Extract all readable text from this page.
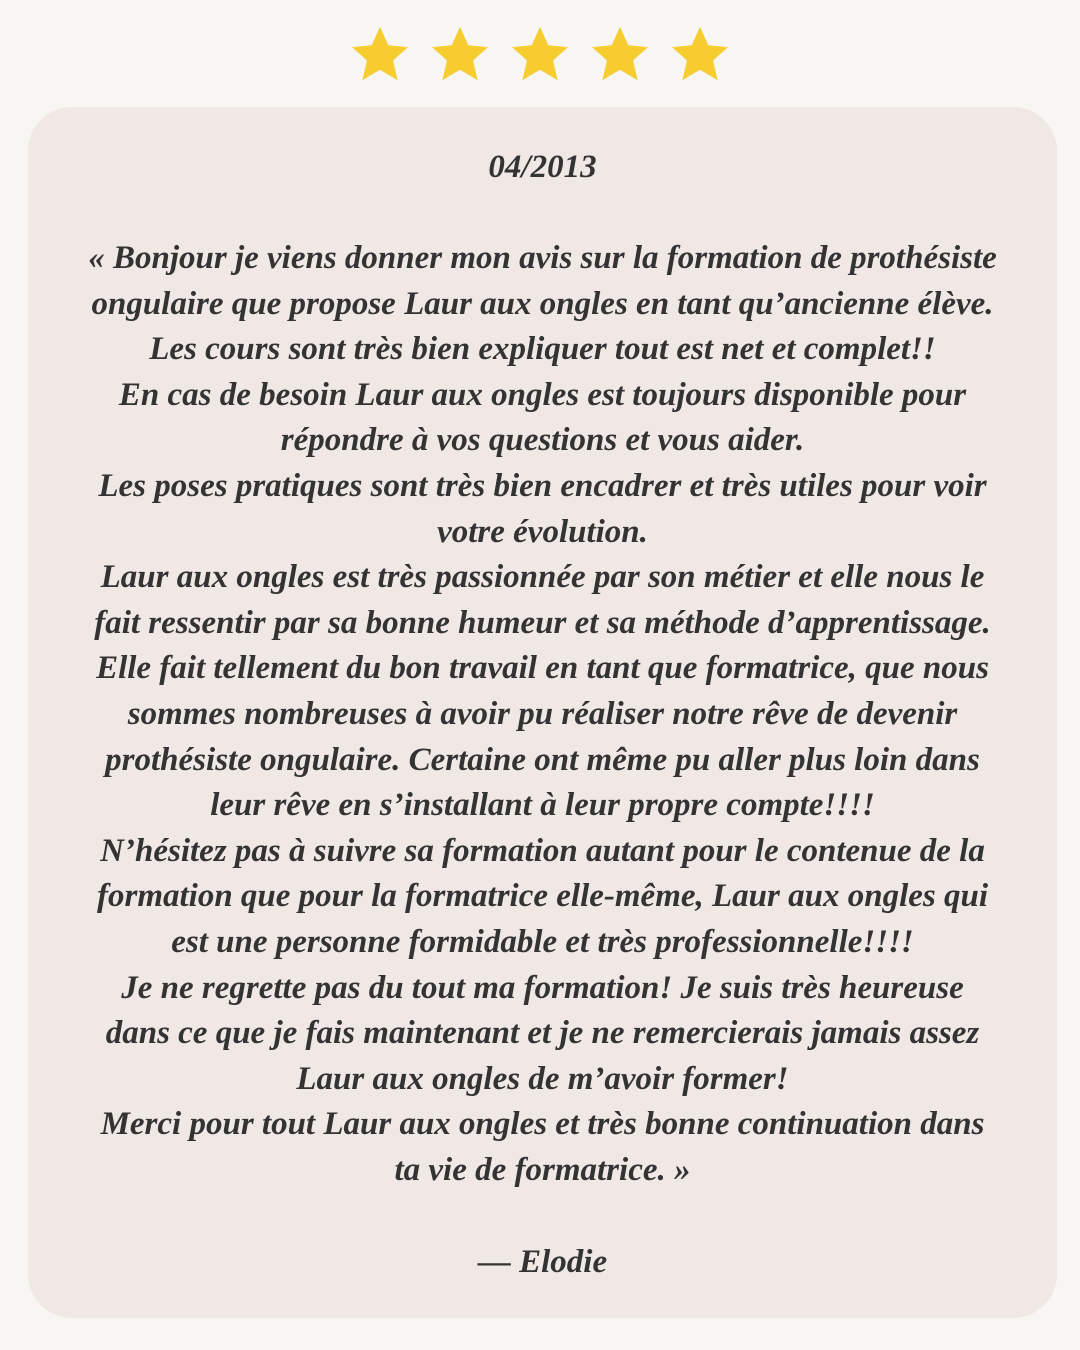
04/2013
« Bonjour je viens donner mon avis sur la formation de prothésiste
ongulaire que propose Laur aux ongles en tant qu’ancienne élève.
Les cours sont très bien expliquer tout est net et complet!!
En cas de besoin Laur aux ongles est toujours disponible pour
répondre à vos questions et vous aider.
Les poses pratiques sont très bien encadrer et très utiles pour voir
votre évolution.
Laur aux ongles est très passionnée par son métier et elle nous le
fait ressentir par sa bonne humeur et sa méthode d’apprentissage.
Elle fait tellement du bon travail en tant que formatrice, que nous
sommes nombreuses à avoir pu réaliser notre rêve de devenir
prothésiste ongulaire. Certaine ont même pu aller plus loin dans
leur rêve en s’installant à leur propre compte!!!!
N’hésitez pas à suivre sa formation autant pour le contenue de la
formation que pour la formatrice elle-même, Laur aux ongles qui
est une personne formidable et très professionnelle!!!!
Je ne regrette pas du tout ma formation! Je suis très heureuse
dans ce que je fais maintenant et je ne remercierais jamais assez
Laur aux ongles de m’avoir former!
Merci pour tout Laur aux ongles et très bonne continuation dans
ta vie de formatrice. »
— Elodie
